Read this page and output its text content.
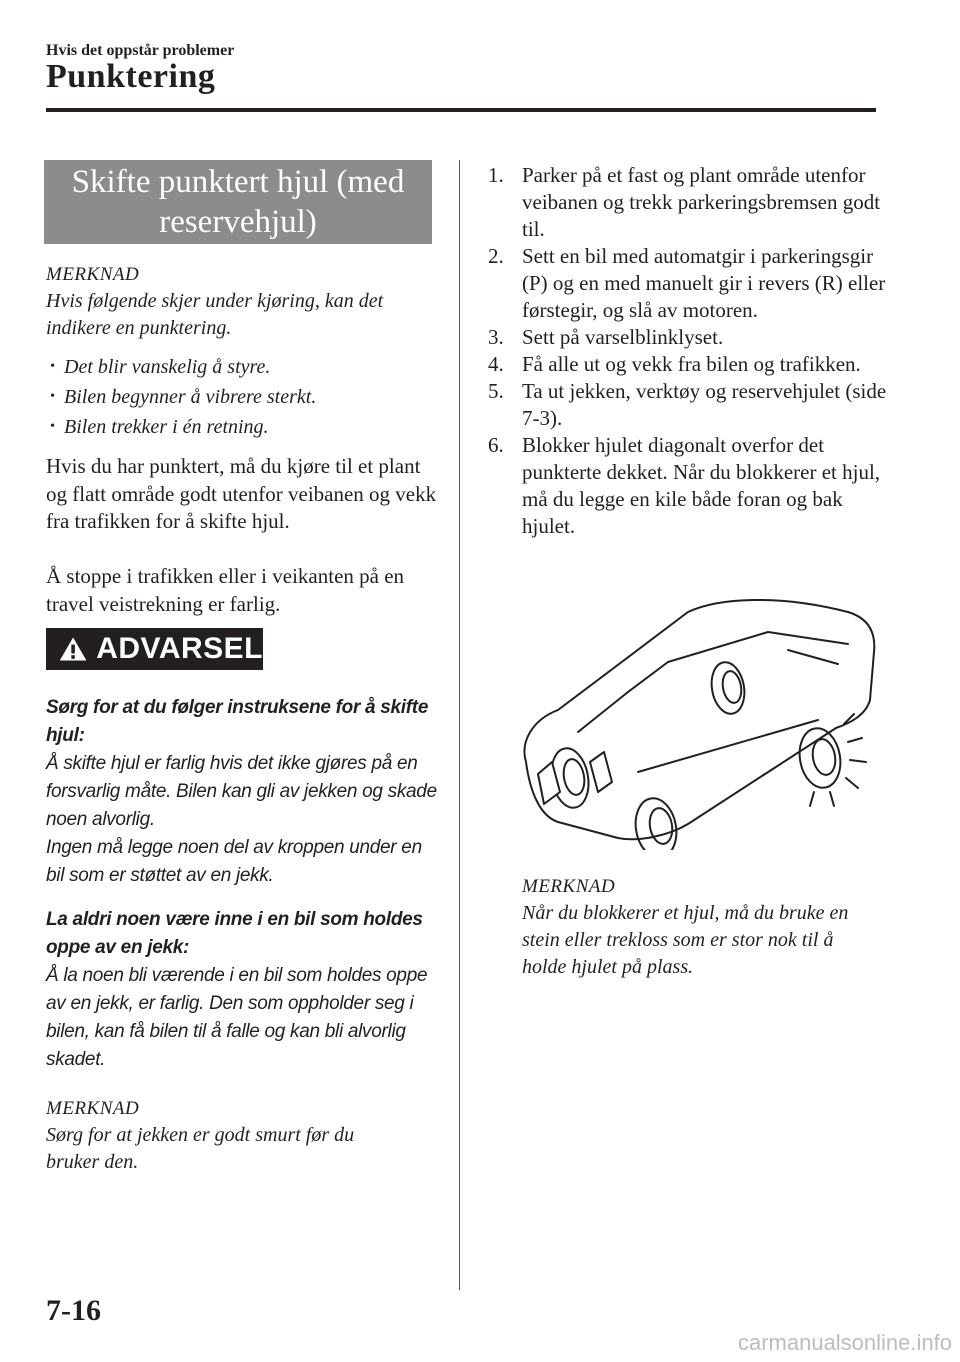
Hvis det oppstår problemer
Punktering
Skifte punktert hjul (med reservehjul)
MERKNAD
Hvis følgende skjer under kjøring, kan det indikere en punktering.
• Det blir vanskelig å styre.
• Bilen begynner å vibrere sterkt.
• Bilen trekker i én retning.
Hvis du har punktert, må du kjøre til et plant og flatt område godt utenfor veibanen og vekk fra trafikken for å skifte hjul.
Å stoppe i trafikken eller i veikanten på en travel veistrekning er farlig.
ADVARSEL
Sørg for at du følger instruksene for å skifte hjul:
Å skifte hjul er farlig hvis det ikke gjøres på en forsvarlig måte. Bilen kan gli av jekken og skade noen alvorlig.
Ingen må legge noen del av kroppen under en bil som er støttet av en jekk.
La aldri noen være inne i en bil som holdes oppe av en jekk:
Å la noen bli værende i en bil som holdes oppe av en jekk, er farlig. Den som oppholder seg i bilen, kan få bilen til å falle og kan bli alvorlig skadet.
MERKNAD
Sørg for at jekken er godt smurt før du bruker den.
1. Parker på et fast og plant område utenfor veibanen og trekk parkeringsbremsen godt til.
2. Sett en bil med automatgir i parkeringsgir (P) og en med manuelt gir i revers (R) eller førstegir, og slå av motoren.
3. Sett på varselblinklyset.
4. Få alle ut og vekk fra bilen og trafikken.
5. Ta ut jekken, verktøy og reservehjulet (side 7-3).
6. Blokker hjulet diagonalt overfor det punkterte dekket. Når du blokkerer et hjul, må du legge en kile både foran og bak hjulet.
MERKNAD
Når du blokkerer et hjul, må du bruke en stein eller trekloss som er stor nok til å holde hjulet på plass.
7-16
carmanualsonline.info
